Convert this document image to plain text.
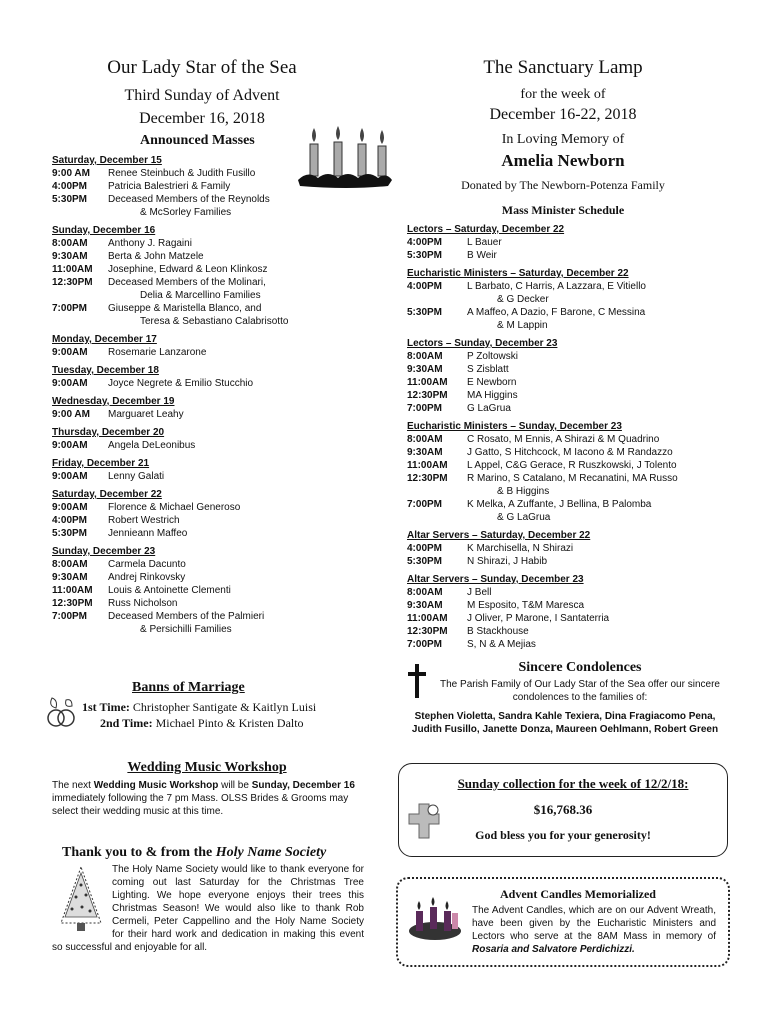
Our Lady Star of the Sea
Third Sunday of Advent
December 16, 2018
Announced Masses
Saturday, December 15
9:00 AM	Renee Steinbuch & Judith Fusillo
4:00PM	Patricia Balestrieri & Family
5:30PM	Deceased Members of the Reynolds
& McSorley Families
Sunday, December 16
8:00AM	Anthony J. Ragaini
9:30AM	Berta & John Matzele
11:00AM	Josephine, Edward & Leon Klinkosz
12:30PM	Deceased Members of the Molinari,
Delia & Marcellino Families
7:00PM	Giuseppe & Maristella Blanco, and
Teresa & Sebastiano Calabrisotto
Monday, December 17
9:00AM	Rosemarie Lanzarone
Tuesday, December 18
9:00AM	Joyce Negrete & Emilio Stucchio
Wednesday, December 19
9:00 AM	Marguaret Leahy
Thursday, December 20
9:00AM	Angela DeLeonibus
Friday, December 21
9:00AM	Lenny Galati
Saturday, December 22
9:00AM	Florence & Michael Generoso
4:00PM	Robert Westrich
5:30PM	Jennieann Maffeo
Sunday, December 23
8:00AM	Carmela Dacunto
9:30AM	Andrej Rinkovsky
11:00AM	Louis & Antoinette Clementi
12:30PM	Russ Nicholson
7:00PM	Deceased Members of the Palmieri
& Persichilli Families
The Sanctuary Lamp
for the week of
December 16-22, 2018
In Loving Memory of
Amelia Newborn
Donated by The Newborn-Potenza Family
Mass Minister Schedule
Lectors – Saturday, December 22
4:00PM	L Bauer
5:30PM	B Weir
Eucharistic Ministers – Saturday, December 22
4:00PM	L Barbato, C Harris, A Lazzara, E Vitiello
& G Decker
5:30PM	A Maffeo, A Dazio, F Barone, C Messina
& M Lappin
Lectors – Sunday, December 23
8:00AM	P Zoltowski
9:30AM	S Zisblatt
11:00AM	E Newborn
12:30PM	MA Higgins
7:00PM	G LaGrua
Eucharistic Ministers – Sunday, December 23
8:00AM	C Rosato, M Ennis, A Shirazi & M Quadrino
9:30AM	J Gatto, S Hitchcock, M Iacono & M Randazzo
11:00AM	L Appel, C&G Gerace, R Ruszkowski, J Tolento
12:30PM	R Marino, S Catalano, M Recanatini, MA Russo
& B Higgins
7:00PM	K Melka, A Zuffante, J Bellina, B Palomba
& G LaGrua
Altar Servers – Saturday, December 22
4:00PM	K Marchisella, N Shirazi
5:30PM	N Shirazi, J Habib
Altar Servers – Sunday, December 23
8:00AM	J Bell
9:30AM	M Esposito, T&M Maresca
11:00AM	J Oliver, P Marone, I Santaterria
12:30PM	B Stackhouse
7:00PM	S, N & A Mejias
Banns of Marriage
1st Time: Christopher Santigate & Kaitlyn Luisi
2nd Time: Michael Pinto & Kristen Dalto
Wedding Music Workshop
The next Wedding Music Workshop will be Sunday, December 16 immediately following the 7 pm Mass. OLSS Brides & Grooms may select their wedding music at this time.
Thank you to & from the Holy Name Society
The Holy Name Society would like to thank everyone for coming out last Saturday for the Christmas Tree Lighting. We hope everyone enjoys their trees this Christmas Season! We would also like to thank Rob Cermeli, Peter Cappellino and the Holy Name Society for their hard work and dedication in making this event so successful and enjoyable for all.
Sincere Condolences
The Parish Family of Our Lady Star of the Sea offer our sincere condolences to the families of:
Stephen Violetta, Sandra Kahle Texiera, Dina Fragiacomo Pena, Judith Fusillo, Janette Donza, Maureen Oehlmann, Robert Green
Sunday collection for the week of 12/2/18:
$16,768.36
God bless you for your generosity!
Advent Candles Memorialized
The Advent Candles, which are on our Advent Wreath, have been given by the Eucharistic Ministers and Lectors who serve at the 8AM Mass in memory of Rosaria and Salvatore Perdichizzi.
